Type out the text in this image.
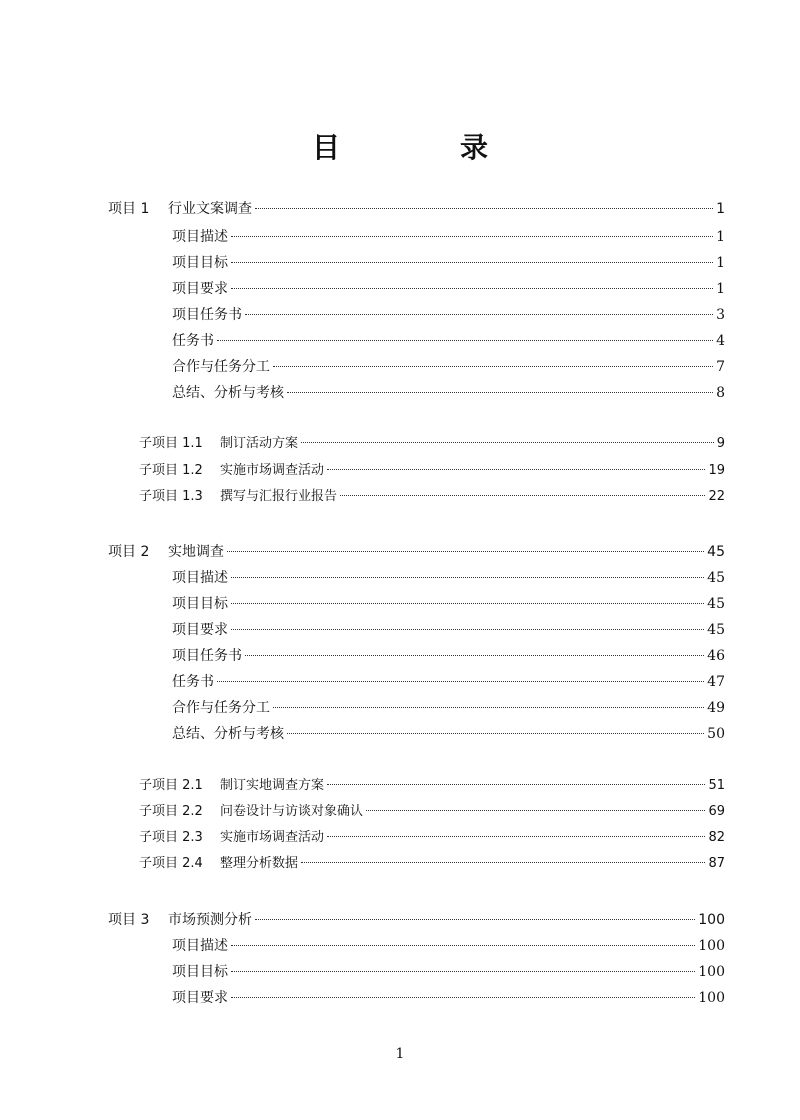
目　录
项目 1 行业文案调查	1
项目描述	1
项目目标	1
项目要求	1
项目任务书	3
任务书	4
合作与任务分工	7
总结、分析与考核	8
子项目 1.1 制订活动方案	9
子项目 1.2 实施市场调查活动	19
子项目 1.3 撰写与汇报行业报告	22
项目 2 实地调查	45
项目描述	45
项目目标	45
项目要求	45
项目任务书	46
任务书	47
合作与任务分工	49
总结、分析与考核	50
子项目 2.1 制订实地调查方案	51
子项目 2.2 问卷设计与访谈对象确认	69
子项目 2.3 实施市场调查活动	82
子项目 2.4 整理分析数据	87
项目 3 市场预测分析	100
项目描述	100
项目目标	100
项目要求	100
1
